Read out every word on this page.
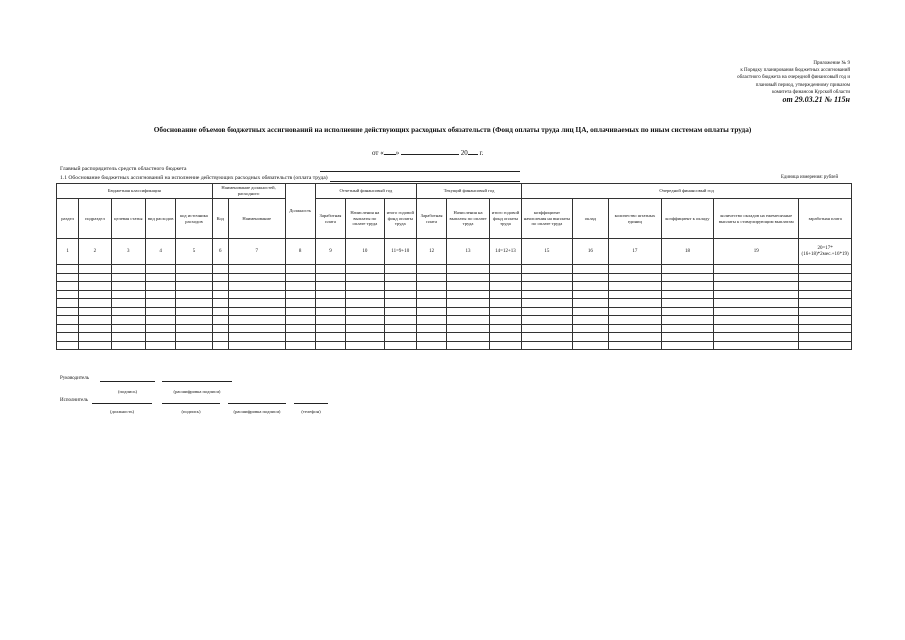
Приложение № 9
к Порядку планирования бюджетных ассигнований
областного бюджета на очередной финансовый год и
плановый период, утвержденному приказом
комитета финансов Курской области
от 29.03.21 № 115н
Обоснование объемов бюджетных ассигнований на исполнение действующих расходных обязательств (Фонд оплаты труда лиц ЦА, оплачиваемых по иным системам оплаты труда)
от « »	20 г.
Главный распорядитель средств областного бюджета
1.1 Обоснование бюджетных ассигнований на исполнение действующих расходных обязательств (оплата труда)	Единица измерения: рублей
Бюджетная классификация					Наименование должностей, расходного		Должность	Отчетный финансовый год			Текущий финансовый год			Очередной финансовый год					
раздел	подраздел	целевая статья	вид расходов	код источника расходов	Код	Наименование		Заработная плата	Начисления на выплаты по оплате труда	итого годовой фонд оплаты труда	Заработная плата	Начисления на выплаты по оплате труда	итого годовой фонд оплаты труда	коэффициент начисления на выплаты по оплате труда	оклад	количество штатных единиц	коэффициент к окладу	количество окладов на ежемесячные выплаты к стимулирующим выплатам	заработная плата
1	2	3	4	5	6	7	8	9	10	11=9+10	12	13	14=12+13	15	16	17	18	19	20=17*(16+18)*2мес.+16*19)

Руководитель
(подпись)	(расшифровка подписи)
Исполнитель
(должность)	(подпись)	(расшифровка подписи)	(телефон)
